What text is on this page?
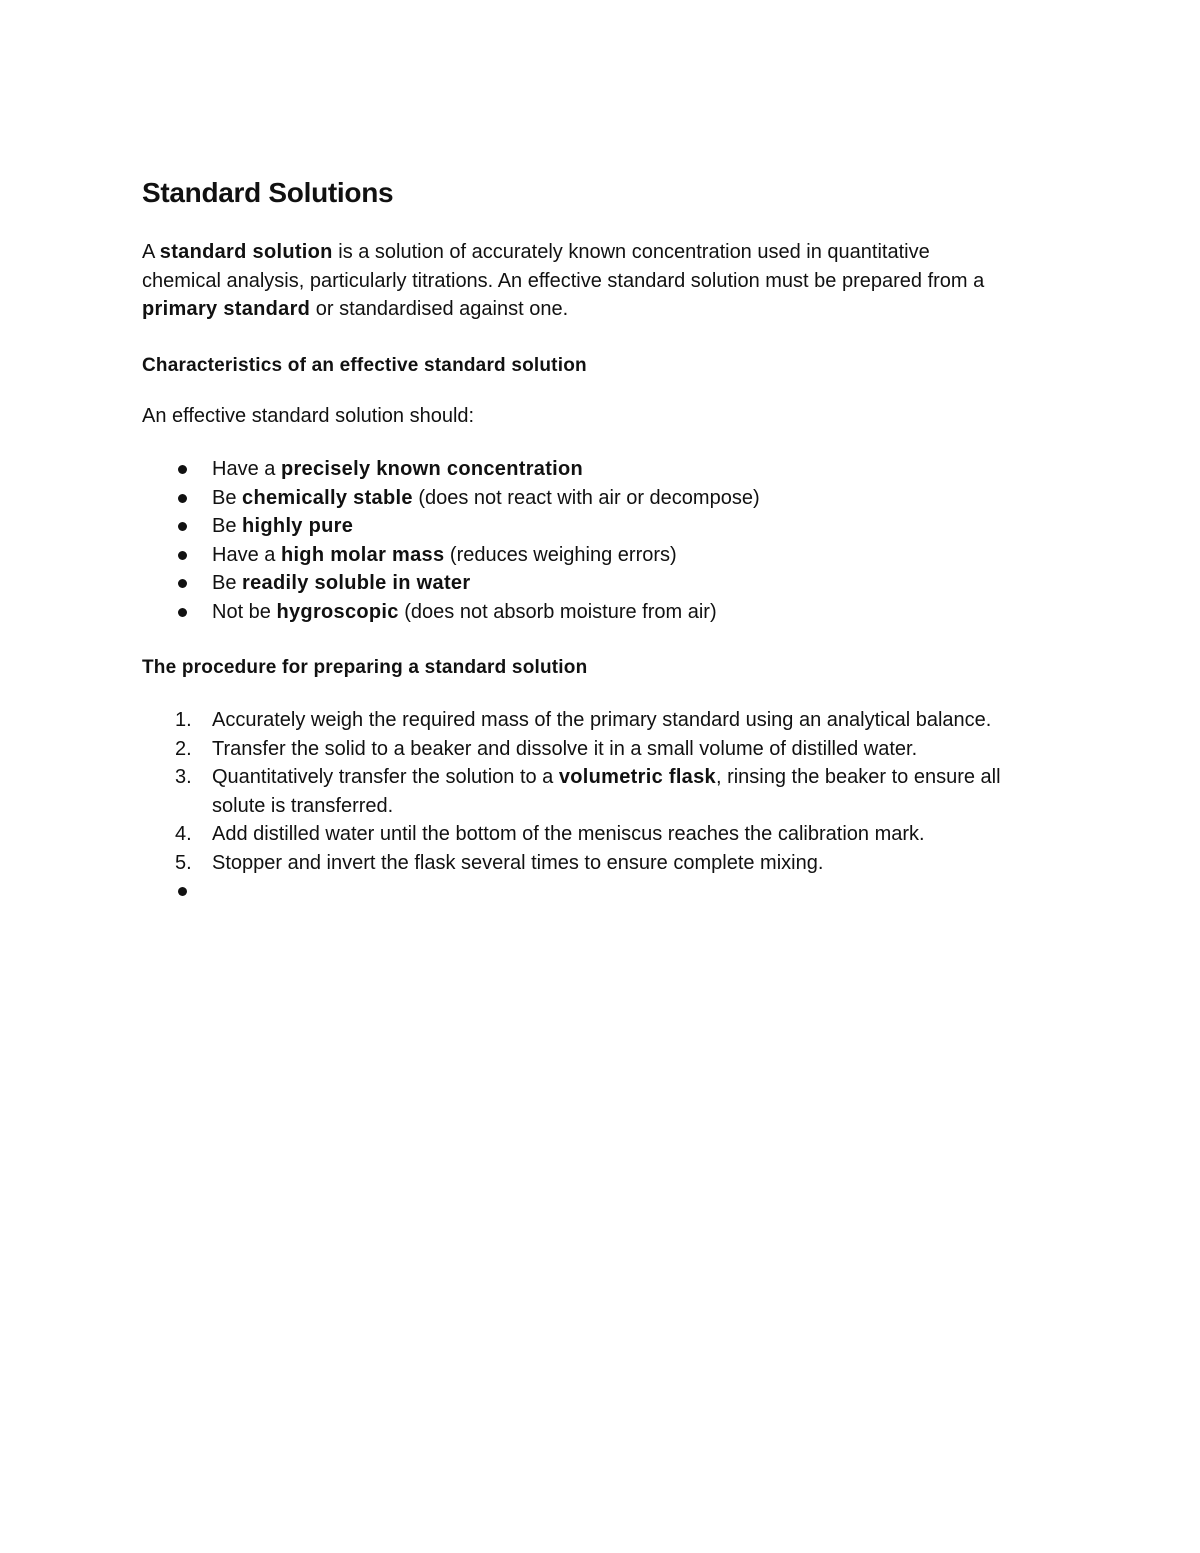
Standard Solutions

A standard solution is a solution of accurately known concentration used in quantitative
chemical analysis, particularly titrations. An effective standard solution must be prepared from a
primary standard or standardised against one.

Characteristics of an effective standard solution

An effective standard solution should:

Have a precisely known concentration
Be chemically stable (does not react with air or decompose)
Be highly pure
Have a high molar mass (reduces weighing errors)
Be readily soluble in water
Not be hygroscopic (does not absorb moisture from air)
The procedure for preparing a standard solution
1.	Accurately weigh the required mass of the primary standard using an analytical balance.
2.	Transfer the solid to a beaker and dissolve it in a small volume of distilled water.
3.	Quantitatively transfer the solution to a volumetric flask, rinsing the beaker to ensure all
solute is transferred.
4.	Add distilled water until the bottom of the meniscus reaches the calibration mark.
5.	Stopper and invert the flask several times to ensure complete mixing.
